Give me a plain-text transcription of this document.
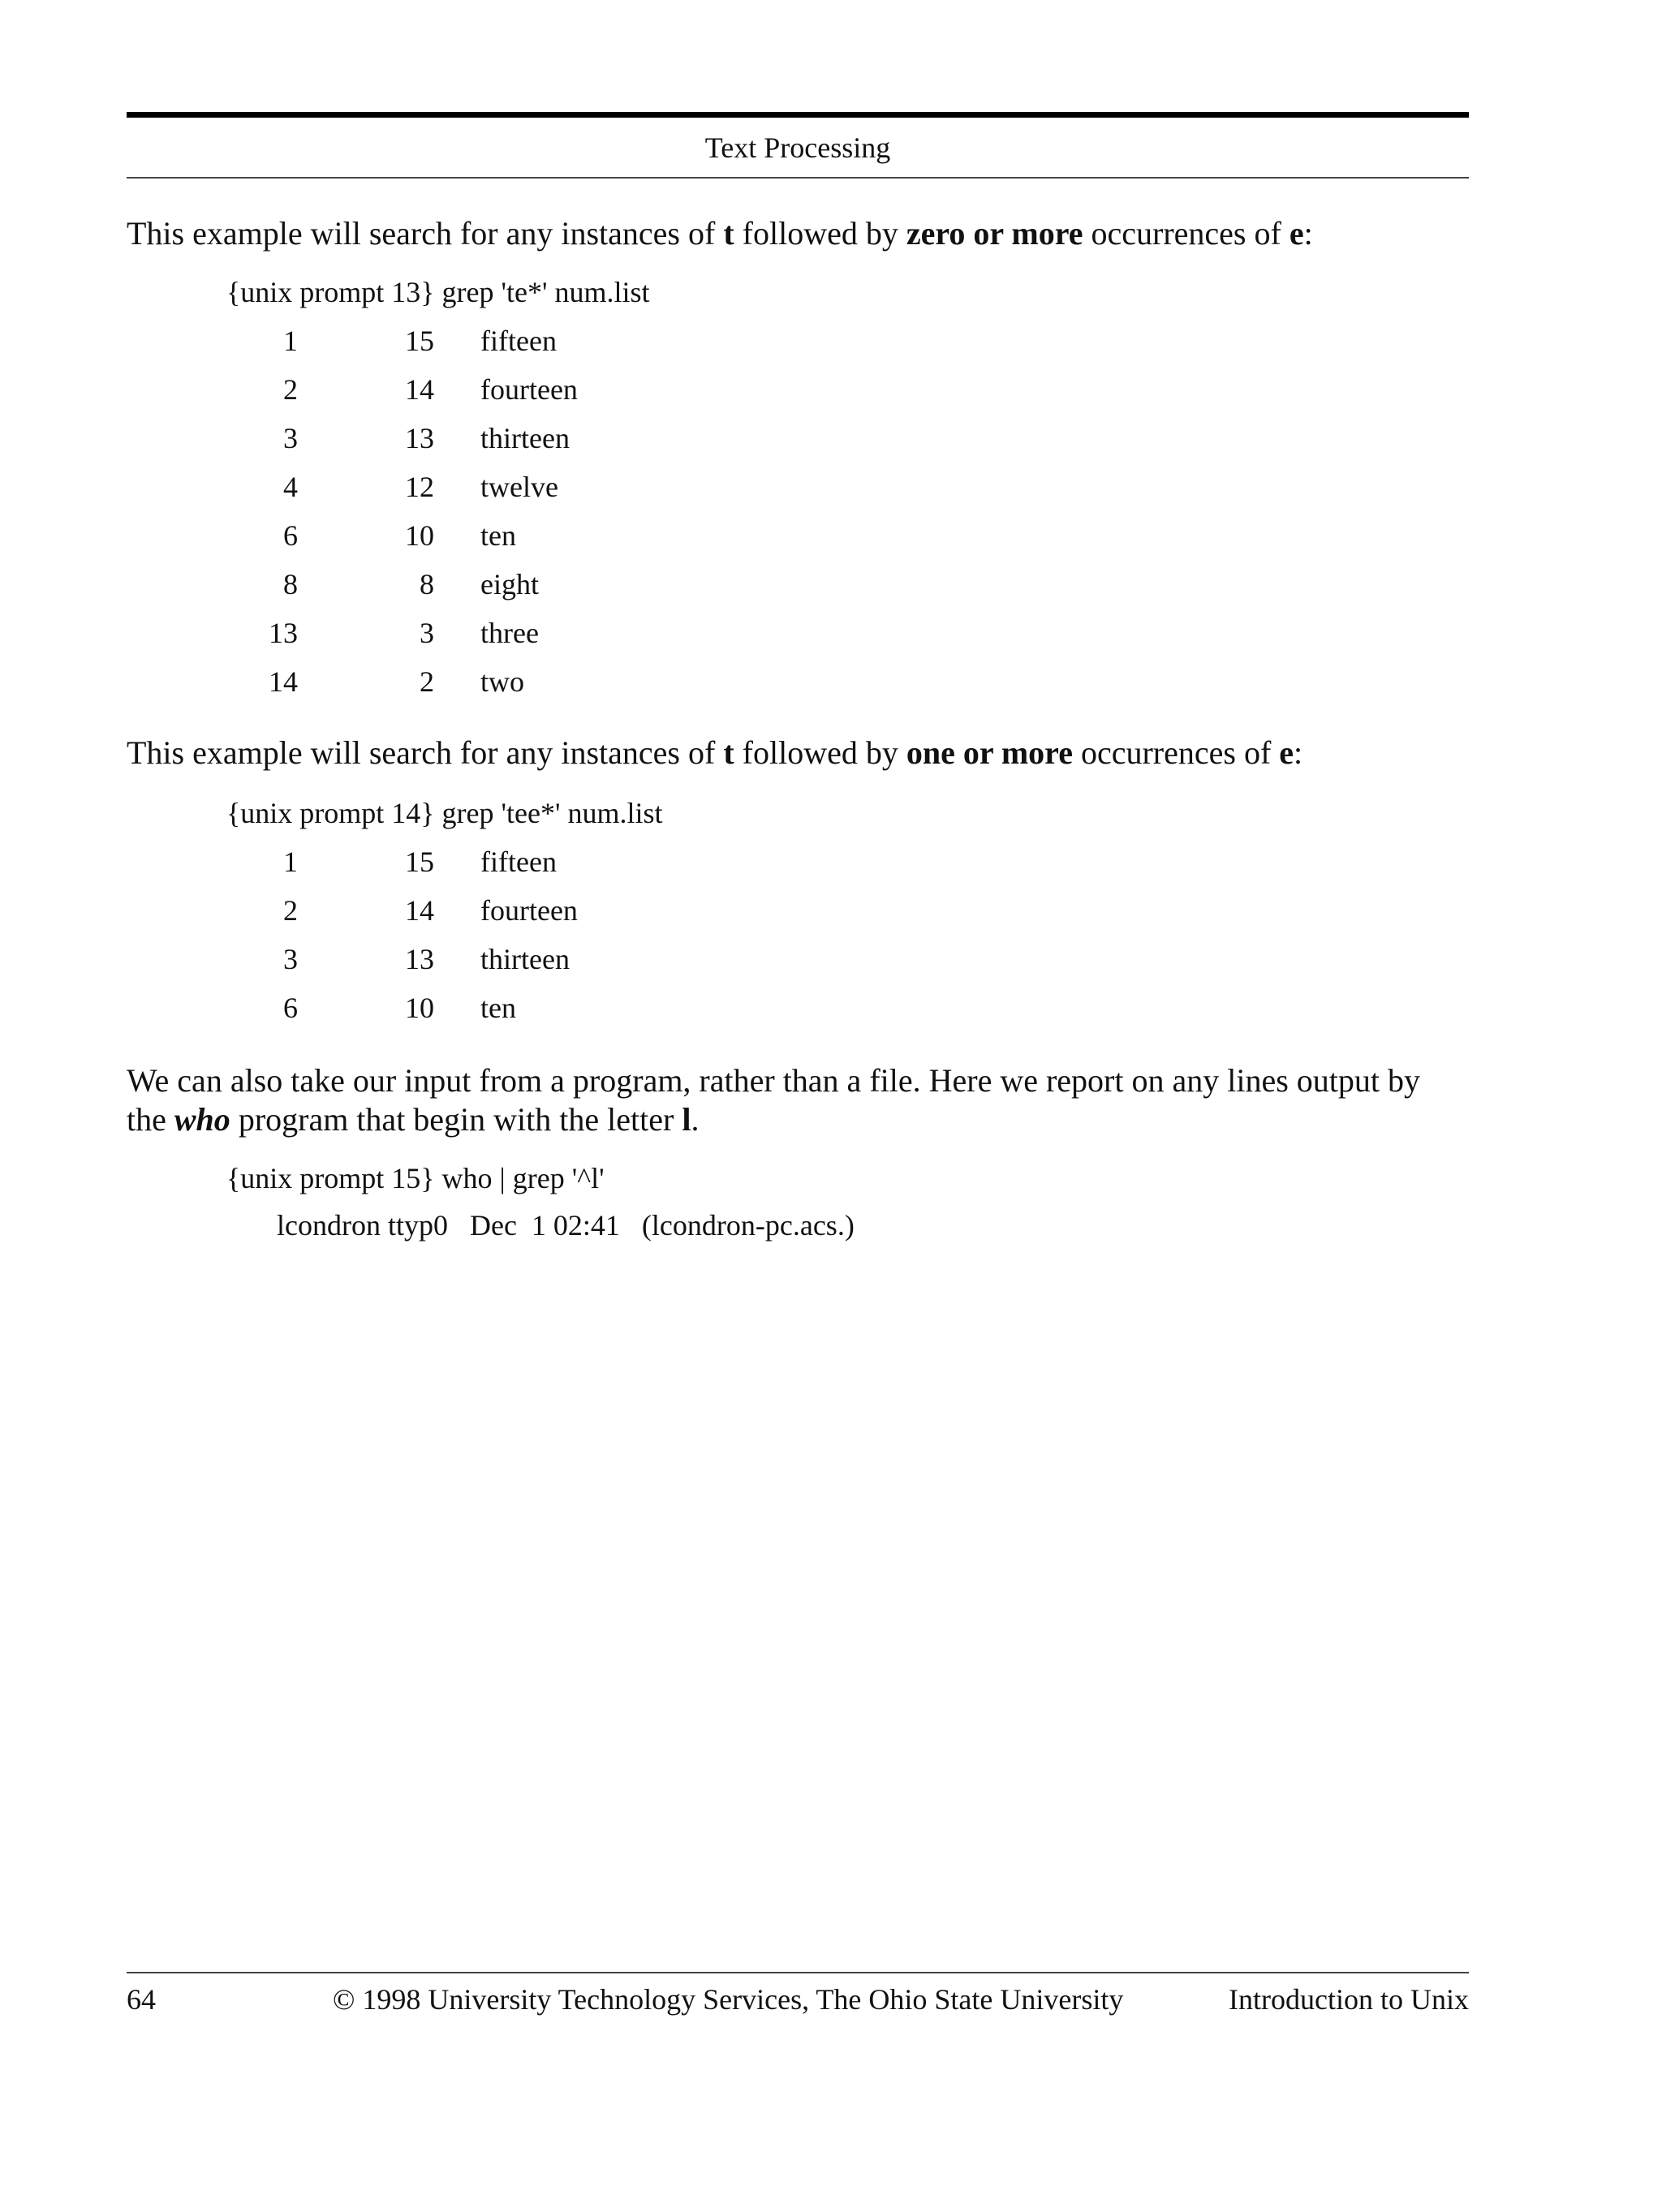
Text Processing
This example will search for any instances of t followed by zero or more occurrences of e:
{unix prompt 13} grep 'te*' num.list
1	15 fifteen
2	14 fourteen
3	13 thirteen
4	12 twelve
6	10 ten
8	8 eight
13	3 three
14	2 two
This example will search for any instances of t followed by one or more occurrences of e:
{unix prompt 14} grep 'tee*' num.list
1	15 fifteen
2	14 fourteen
3	13 thirteen
6	10 ten
We can also take our input from a program, rather than a file. Here we report on any lines output by
the who program that begin with the letter l.
{unix prompt 15} who | grep '^l'
lcondron ttyp0   Dec  1 02:41   (lcondron-pc.acs.)
64	© 1998 University Technology Services, The Ohio State University	Introduction to Unix
